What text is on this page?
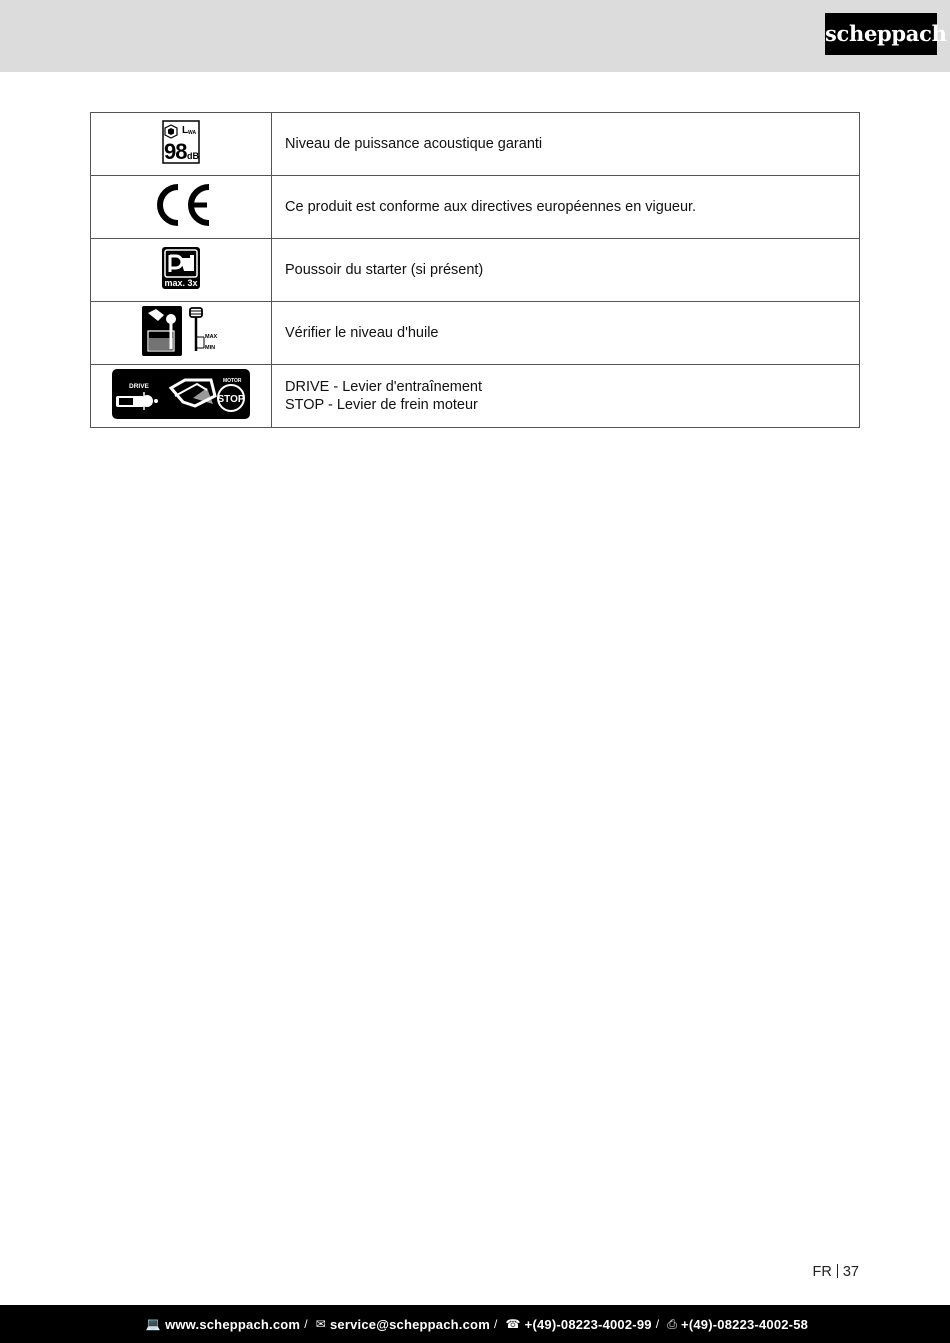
scheppach
L WA
98 dB	Niveau de puissance acoustique garanti

	Ce produit est conforme aux directives européennes en vigueur.

max. 3x	Poussoir du starter (si présent)

MAX
MIN	Vérifier le niveau d'huile

DRIVE
MOTOR
STOP	DRIVE - Levier d'entraînement
STOP - Levier de frein moteur
FR 37
💻 www.scheppach.com / ✉ service@scheppach.com / ☎ +(49)-08223-4002-99 / ⎙ +(49)-08223-4002-58
